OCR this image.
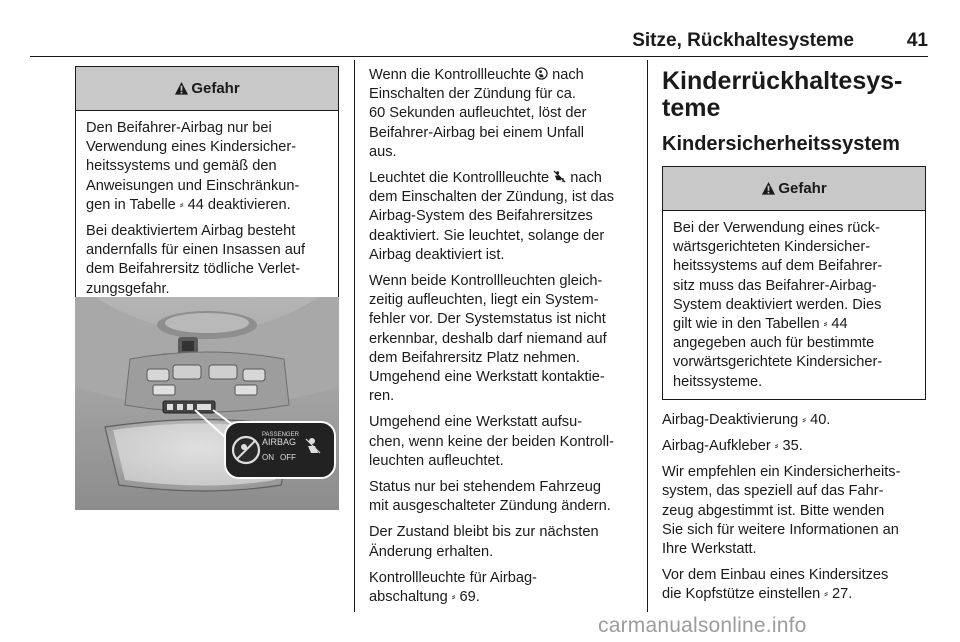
Sitze, Rückhaltesysteme	41
Gefahr

Den Beifahrer-Airbag nur bei
Verwendung eines Kindersicher-
heitssystems und gemäß den
Anweisungen und Einschränkun-
gen in Tabelle ⸗ 44 deaktivieren.

Bei deaktiviertem Airbag besteht
andernfalls für einen Insassen auf
dem Beifahrersitz tödliche Verlet-
zungsgefahr.

PASSENGER
AIRBAG
ON OFF

Wenn die Kontrollleuchte  nach
Einschalten der Zündung für ca.
60 Sekunden aufleuchtet, löst der
Beifahrer-Airbag bei einem Unfall
aus.

Leuchtet die Kontrollleuchte 2 nach
dem Einschalten der Zündung, ist das
Airbag-System des Beifahrersitzes
deaktiviert. Sie leuchtet, solange der
Airbag deaktiviert ist.

Wenn beide Kontrollleuchten gleich-
zeitig aufleuchten, liegt ein System-
fehler vor. Der Systemstatus ist nicht
erkennbar, deshalb darf niemand auf
dem Beifahrersitz Platz nehmen.
Umgehend eine Werkstatt kontaktie-
ren.

Umgehend eine Werkstatt aufsu-
chen, wenn keine der beiden Kontroll-
leuchten aufleuchtet.

Status nur bei stehendem Fahrzeug
mit ausgeschalteter Zündung ändern.

Der Zustand bleibt bis zur nächsten
Änderung erhalten.

Kontrollleuchte für Airbag-
abschaltung ⸗ 69.

Kinderrückhaltesys-
teme
Kindersicherheitssystem
Gefahr

Bei der Verwendung eines rück-
wärtsgerichteten Kindersicher-
heitssystems auf dem Beifahrer-
sitz muss das Beifahrer-Airbag-
System deaktiviert werden. Dies
gilt wie in den Tabellen ⸗ 44
angegeben auch für bestimmte
vorwärtsgerichtete Kindersicher-
heitssysteme.

Airbag-Deaktivierung ⸗ 40.

Airbag-Aufkleber ⸗ 35.

Wir empfehlen ein Kindersicherheits-
system, das speziell auf das Fahr-
zeug abgestimmt ist. Bitte wenden
Sie sich für weitere Informationen an
Ihre Werkstatt.

Vor dem Einbau eines Kindersitzes
die Kopfstütze einstellen ⸗ 27.

carmanualsonline.info
